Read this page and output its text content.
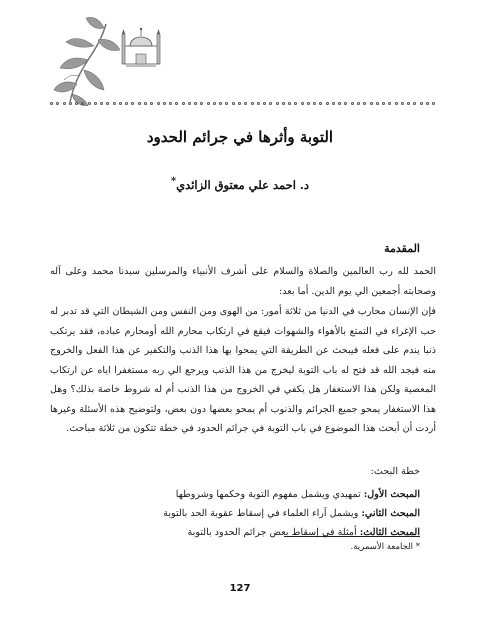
التوبة وأثرها في جرائم الحدود
د. احمد علي معتوق الزائدي*
المقدمة

الحمد لله رب العالمين والصلاة والسلام على أشرف الأنبياء والمرسلين سيدنا محمد وعلى آله وصحابته أجمعين الي يوم الدين. أما بعد:

فإن الإنسان محارب في الدنيا من ثلاثة أمور: من الهوى ومن النفس ومن الشيطان التي قد تدبر له حب الإغراء في التمتع بالأهواء والشهوات فيقع في ارتكاب محارم الله أومحارم عباده، فقد يرتكب ذنبا يندم على فعله فيبحث عن الطريقة التي يمحوا بها هذا الذنب والتكفير عن هذا الفعل والخروج منه فيجد الله قد فتح له باب التوبة ليخرج من هذا الذنب ويرجع الي ربه مستغفرا اياه عن ارتكاب المعصية ولكن هذا الاستغفار هل يكفي في الخروج من هذا الذنب أم له شروط خاصة بذلك؟ وهل هذا الاستغفار يمحو جميع الجرائم والذنوب أم يمحو بعضها دون بعض، ولتوضيح هذه الأسئلة وغيرها أردت أن أبحث هذا الموضوع في باب التوبة في جرائم الحدود في خطة تتكون من ثلاثة مباحث.

خطة البحث:
المبحث الأول: تمهيدي ويشمل مفهوم التوبة وحكمها وشروطها
المبحث الثاني: ويشمل آراء العلماء في إسقاط عقوبة الحد بالتوبة
المبحث الثالث: أمثلة في إسقاط بعض جرائم الحدود بالتوبة
* الجامعة الأسمرية.
127
